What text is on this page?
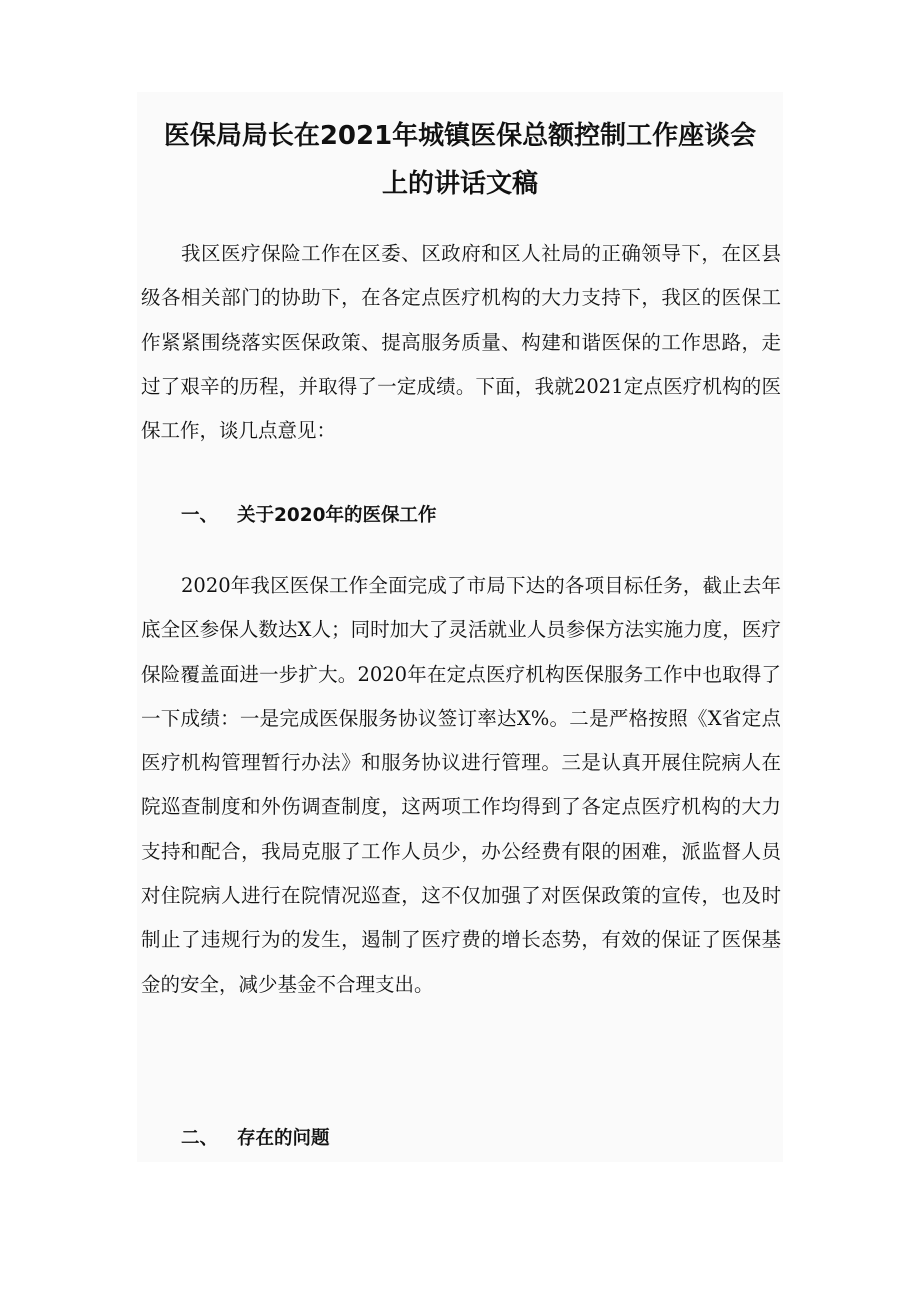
医保局局长在2021年城镇医保总额控制工作座谈会
上的讲话文稿

我区医疗保险工作在区委、区政府和区人社局的正确领导下，在区县级各相关部门的协助下，在各定点医疗机构的大力支持下，我区的医保工作紧紧围绕落实医保政策、提高服务质量、构建和谐医保的工作思路，走过了艰辛的历程，并取得了一定成绩。下面，我就2021定点医疗机构的医保工作，谈几点意见：

一、 关于2020年的医保工作

2020年我区医保工作全面完成了市局下达的各项目标任务，截止去年底全区参保人数达X人；同时加大了灵活就业人员参保方法实施力度，医疗保险覆盖面进一步扩大。2020年在定点医疗机构医保服务工作中也取得了一下成绩：一是完成医保服务协议签订率达X%。二是严格按照《X省定点医疗机构管理暂行办法》和服务协议进行管理。三是认真开展住院病人在院巡查制度和外伤调查制度，这两项工作均得到了各定点医疗机构的大力支持和配合，我局克服了工作人员少，办公经费有限的困难，派监督人员对住院病人进行在院情况巡查，这不仅加强了对医保政策的宣传，也及时制止了违规行为的发生，遏制了医疗费的增长态势，有效的保证了医保基金的安全，减少基金不合理支出。

二、 存在的问题
